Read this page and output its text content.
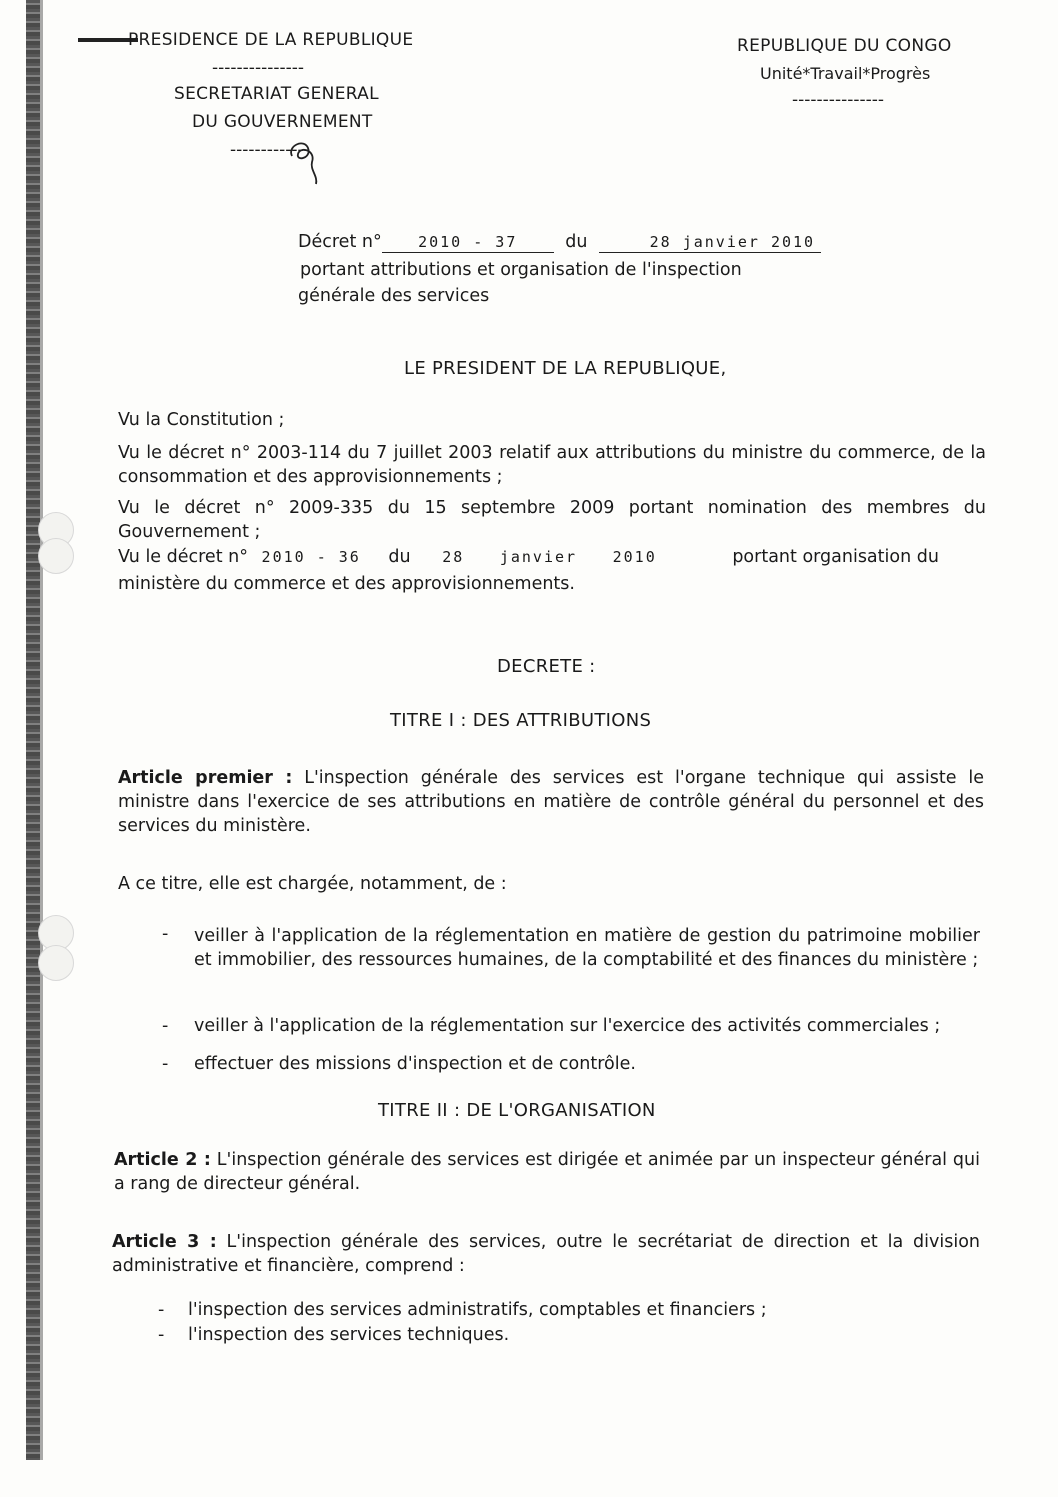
PRESIDENCE DE LA REPUBLIQUE
---------------
SECRETARIAT GENERAL
DU GOUVERNEMENT
-------------
REPUBLIQUE DU CONGO
Unité*Travail*Progrès
---------------
Décret n° 2010 - 37	du	28 janvier 2010
portant attributions et organisation de l'inspection
générale des services
LE PRESIDENT DE LA REPUBLIQUE,
Vu la Constitution ;
Vu le décret n° 2003-114 du 7 juillet 2003 relatif aux attributions du ministre du commerce, de la consommation et des approvisionnements ;
Vu le décret n° 2009-335 du 15 septembre 2009 portant nomination des membres du Gouvernement ;
Vu le décret n° 2010 - 36 du 28 janvier 2010	portant organisation du
ministère du commerce et des approvisionnements.
DECRETE :
TITRE I : DES ATTRIBUTIONS
Article premier : L'inspection générale des services est l'organe technique qui assiste le ministre dans l'exercice de ses attributions en matière de contrôle général du personnel et des services du ministère.
A ce titre, elle est chargée, notamment, de :
- veiller à l'application de la réglementation en matière de gestion du patrimoine mobilier et immobilier, des ressources humaines, de la comptabilité et des finances du ministère ;
- veiller à l'application de la réglementation sur l'exercice des activités commerciales ;
- effectuer des missions d'inspection et de contrôle.
TITRE II : DE L'ORGANISATION
Article 2 : L'inspection générale des services est dirigée et animée par un inspecteur général qui a rang de directeur général.
Article 3 : L'inspection générale des services, outre le secrétariat de direction et la division administrative et financière, comprend :
- l'inspection des services administratifs, comptables et financiers ;
- l'inspection des services techniques.
